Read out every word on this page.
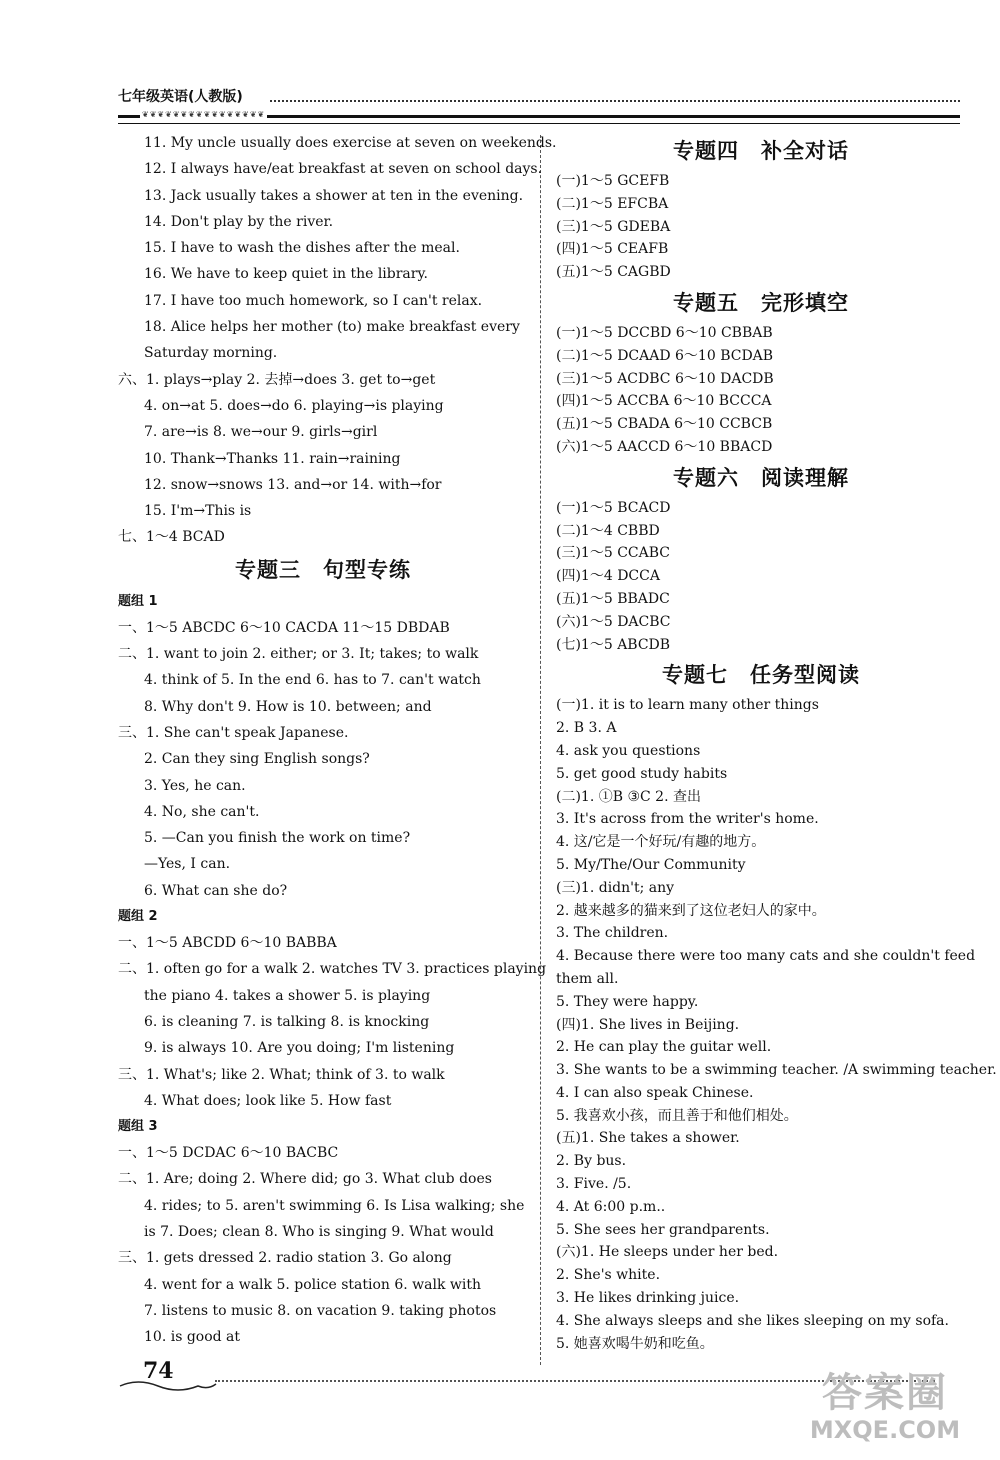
七年级英语(人教版)
❦❦❦❦❦❦❦❦❦❦❦❦❦❦❦❦
11. My uncle usually does exercise at seven on weekends.
12. I always have/eat breakfast at seven on school days.
13. Jack usually takes a shower at ten in the evening.
14. Don't play by the river.
15. I have to wash the dishes after the meal.
16. We have to keep quiet in the library.
17. I have too much homework, so I can't relax.
18. Alice helps her mother (to) make breakfast every
Saturday morning.
六、1. plays→play 2. 去掉→does 3. get to→get
4. on→at 5. does→do 6. playing→is playing
7. are→is 8. we→our 9. girls→girl
10. Thank→Thanks 11. rain→raining
12. snow→snows 13. and→or 14. with→for
15. I'm→This is
七、1～4 BCAD
专题三　句型专练
题组 1
一、1～5 ABCDC 6～10 CACDA 11～15 DBDAB
二、1. want to join 2. either; or 3. It; takes; to walk
4. think of 5. In the end 6. has to 7. can't watch
8. Why don't 9. How is 10. between; and
三、1. She can't speak Japanese.
2. Can they sing English songs?
3. Yes, he can.
4. No, she can't.
5. —Can you finish the work on time?
—Yes, I can.
6. What can she do?
题组 2
一、1～5 ABCDD 6～10 BABBA
二、1. often go for a walk 2. watches TV 3. practices playing
the piano 4. takes a shower 5. is playing
6. is cleaning 7. is talking 8. is knocking
9. is always 10. Are you doing; I'm listening
三、1. What's; like 2. What; think of 3. to walk
4. What does; look like 5. How fast
题组 3
一、1～5 DCDAC 6～10 BACBC
二、1. Are; doing 2. Where did; go 3. What club does
4. rides; to 5. aren't swimming 6. Is Lisa walking; she
is 7. Does; clean 8. Who is singing 9. What would
三、1. gets dressed 2. radio station 3. Go along
4. went for a walk 5. police station 6. walk with
7. listens to music 8. on vacation 9. taking photos
10. is good at
专题四　补全对话
(一)1～5 GCEFB
(二)1～5 EFCBA
(三)1～5 GDEBA
(四)1～5 CEAFB
(五)1～5 CAGBD
专题五　完形填空
(一)1～5 DCCBD 6～10 CBBAB
(二)1～5 DCAAD 6～10 BCDAB
(三)1～5 ACDBC 6～10 DACDB
(四)1～5 ACCBA 6～10 BCCCA
(五)1～5 CBADA 6～10 CCBCB
(六)1～5 AACCD 6～10 BBACD
专题六　阅读理解
(一)1～5 BCACD
(二)1～4 CBBD
(三)1～5 CCABC
(四)1～4 DCCA
(五)1～5 BBADC
(六)1～5 DACBC
(七)1～5 ABCDB
专题七　任务型阅读
(一)1. it is to learn many other things
2. B 3. A
4. ask you questions
5. get good study habits
(二)1. ①B ③C 2. 查出
3. It's across from the writer's home.
4. 这/它是一个好玩/有趣的地方。
5. My/The/Our Community
(三)1. didn't; any
2. 越来越多的猫来到了这位老妇人的家中。
3. The children.
4. Because there were too many cats and she couldn't feed
them all.
5. They were happy.
(四)1. She lives in Beijing.
2. He can play the guitar well.
3. She wants to be a swimming teacher. /A swimming teacher.
4. I can also speak Chinese.
5. 我喜欢小孩，而且善于和他们相处。
(五)1. She takes a shower.
2. By bus.
3. Five. /5.
4. At 6:00 p.m..
5. She sees her grandparents.
(六)1. He sleeps under her bed.
2. She's white.
3. He likes drinking juice.
4. She always sleeps and she likes sleeping on my sofa.
5. 她喜欢喝牛奶和吃鱼。
74	答案圈
MXQE.COM
